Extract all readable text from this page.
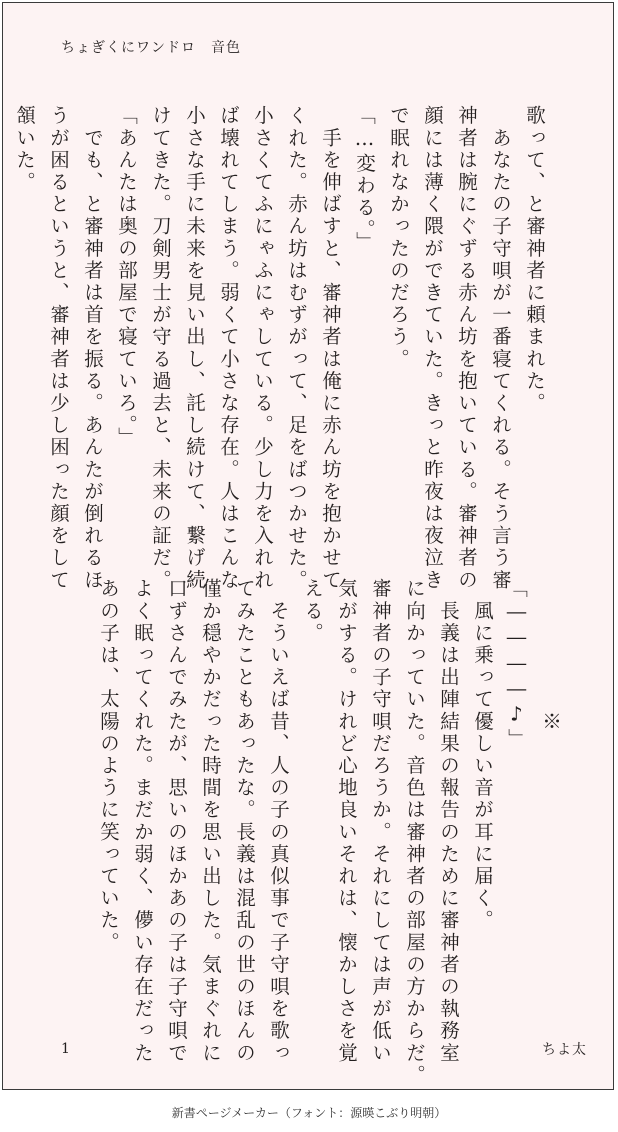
ちょぎくにワンドロ　音色
歌って、と審神者に頼まれた。
　あなたの子守唄が一番寝てくれる。そう言う審
神者は腕にぐずる赤ん坊を抱いている。審神者の
顔には薄く隈ができていた。きっと昨夜は夜泣き
で眠れなかったのだろう。
「…変わる。」
　手を伸ばすと、審神者は俺に赤ん坊を抱かせて
くれた。赤ん坊はむずがって、足をばつかせた。
小さくてふにゃふにゃしている。少し力を入れれ
ば壊れてしまう。弱くて小さな存在。人はこんな
小さな手に未来を見い出し、託し続けて、繋げ続
けてきた。刀剣男士が守る過去と、未来の証だ。
「あんたは奥の部屋で寝ていろ。」
　でも、と審神者は首を振る。あんたが倒れるほ
うが困るというと、審神者は少し困った顔をして
頷いた。
　　　　　　※
「――――♪」
　風に乗って優しい音が耳に届く。
　長義は出陣結果の報告のために審神者の執務室
に向かっていた。音色は審神者の部屋の方からだ。
審神者の子守唄だろうか。それにしては声が低い
気がする。けれど心地良いそれは、懐かしさを覚
える。
　そういえば昔、人の子の真似事で子守唄を歌っ
てみたこともあったな。長義は混乱の世のほんの
僅か穏やかだった時間を思い出した。気まぐれに
口ずさんでみたが、思いのほかあの子は子守唄で
よく眠ってくれた。まだか弱く、儚い存在だった
あの子は、太陽のように笑っていた。
1	ちよ太
新書ページメーカー（フォント：源暎こぶり明朝）
